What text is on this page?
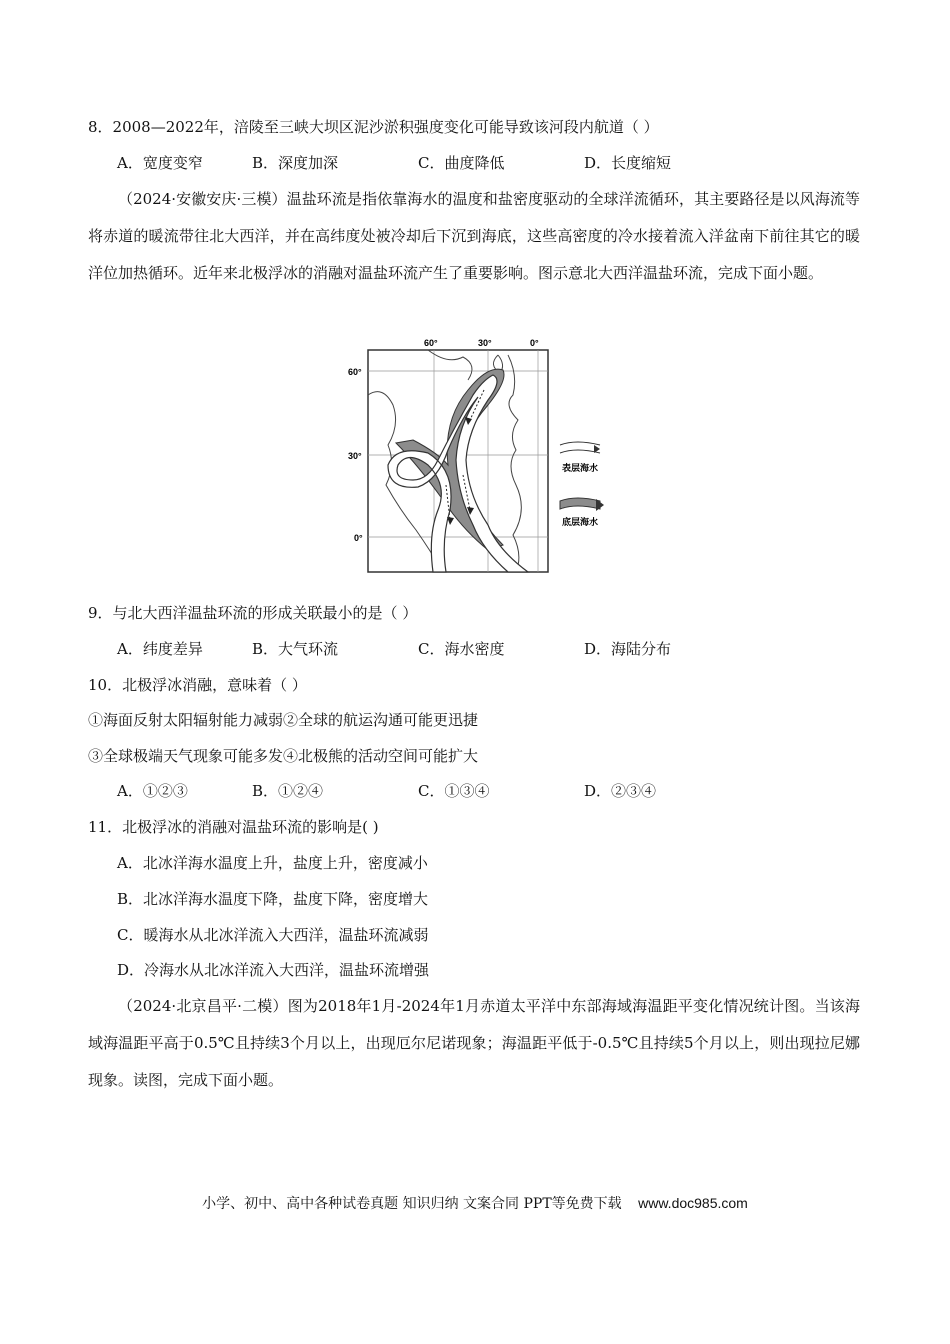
8．2008—2022年，涪陵至三峡大坝区泥沙淤积强度变化可能导致该河段内航道（ ）
A．宽度变窄	B．深度加深	C．曲度降低	D．长度缩短
（2024·安徽安庆·三模）温盐环流是指依靠海水的温度和盐密度驱动的全球洋流循环，其主要路径是以风海流等将赤道的暖流带往北大西洋，并在高纬度处被冷却后下沉到海底，这些高密度的冷水接着流入洋盆南下前往其它的暖洋位加热循环。近年来北极浮冰的消融对温盐环流产生了重要影响。图示意北大西洋温盐环流，完成下面小题。
60°	30°	0°
60°
30°
0°
表层海水
底层海水
9．与北大西洋温盐环流的形成关联最小的是（ ）
A．纬度差异	B．大气环流	C．海水密度	D．海陆分布
10．北极浮冰消融，意味着（ ）
①海面反射太阳辐射能力减弱②全球的航运沟通可能更迅捷
③全球极端天气现象可能多发④北极熊的活动空间可能扩大
A．①②③	B．①②④	C．①③④	D．②③④
11．北极浮冰的消融对温盐环流的影响是( )
A．北冰洋海水温度上升，盐度上升，密度减小
B．北冰洋海水温度下降，盐度下降，密度增大
C．暖海水从北冰洋流入大西洋，温盐环流减弱
D．冷海水从北冰洋流入大西洋，温盐环流增强
（2024·北京昌平·二模）图为2018年1月-2024年1月赤道太平洋中东部海域海温距平变化情况统计图。当该海域海温距平高于0.5℃且持续3个月以上，出现厄尔尼诺现象；海温距平低于-0.5℃且持续5个月以上，则出现拉尼娜现象。读图，完成下面小题。
小学、初中、高中各种试卷真题 知识归纳 文案合同 PPT等免费下载 www.doc985.com
